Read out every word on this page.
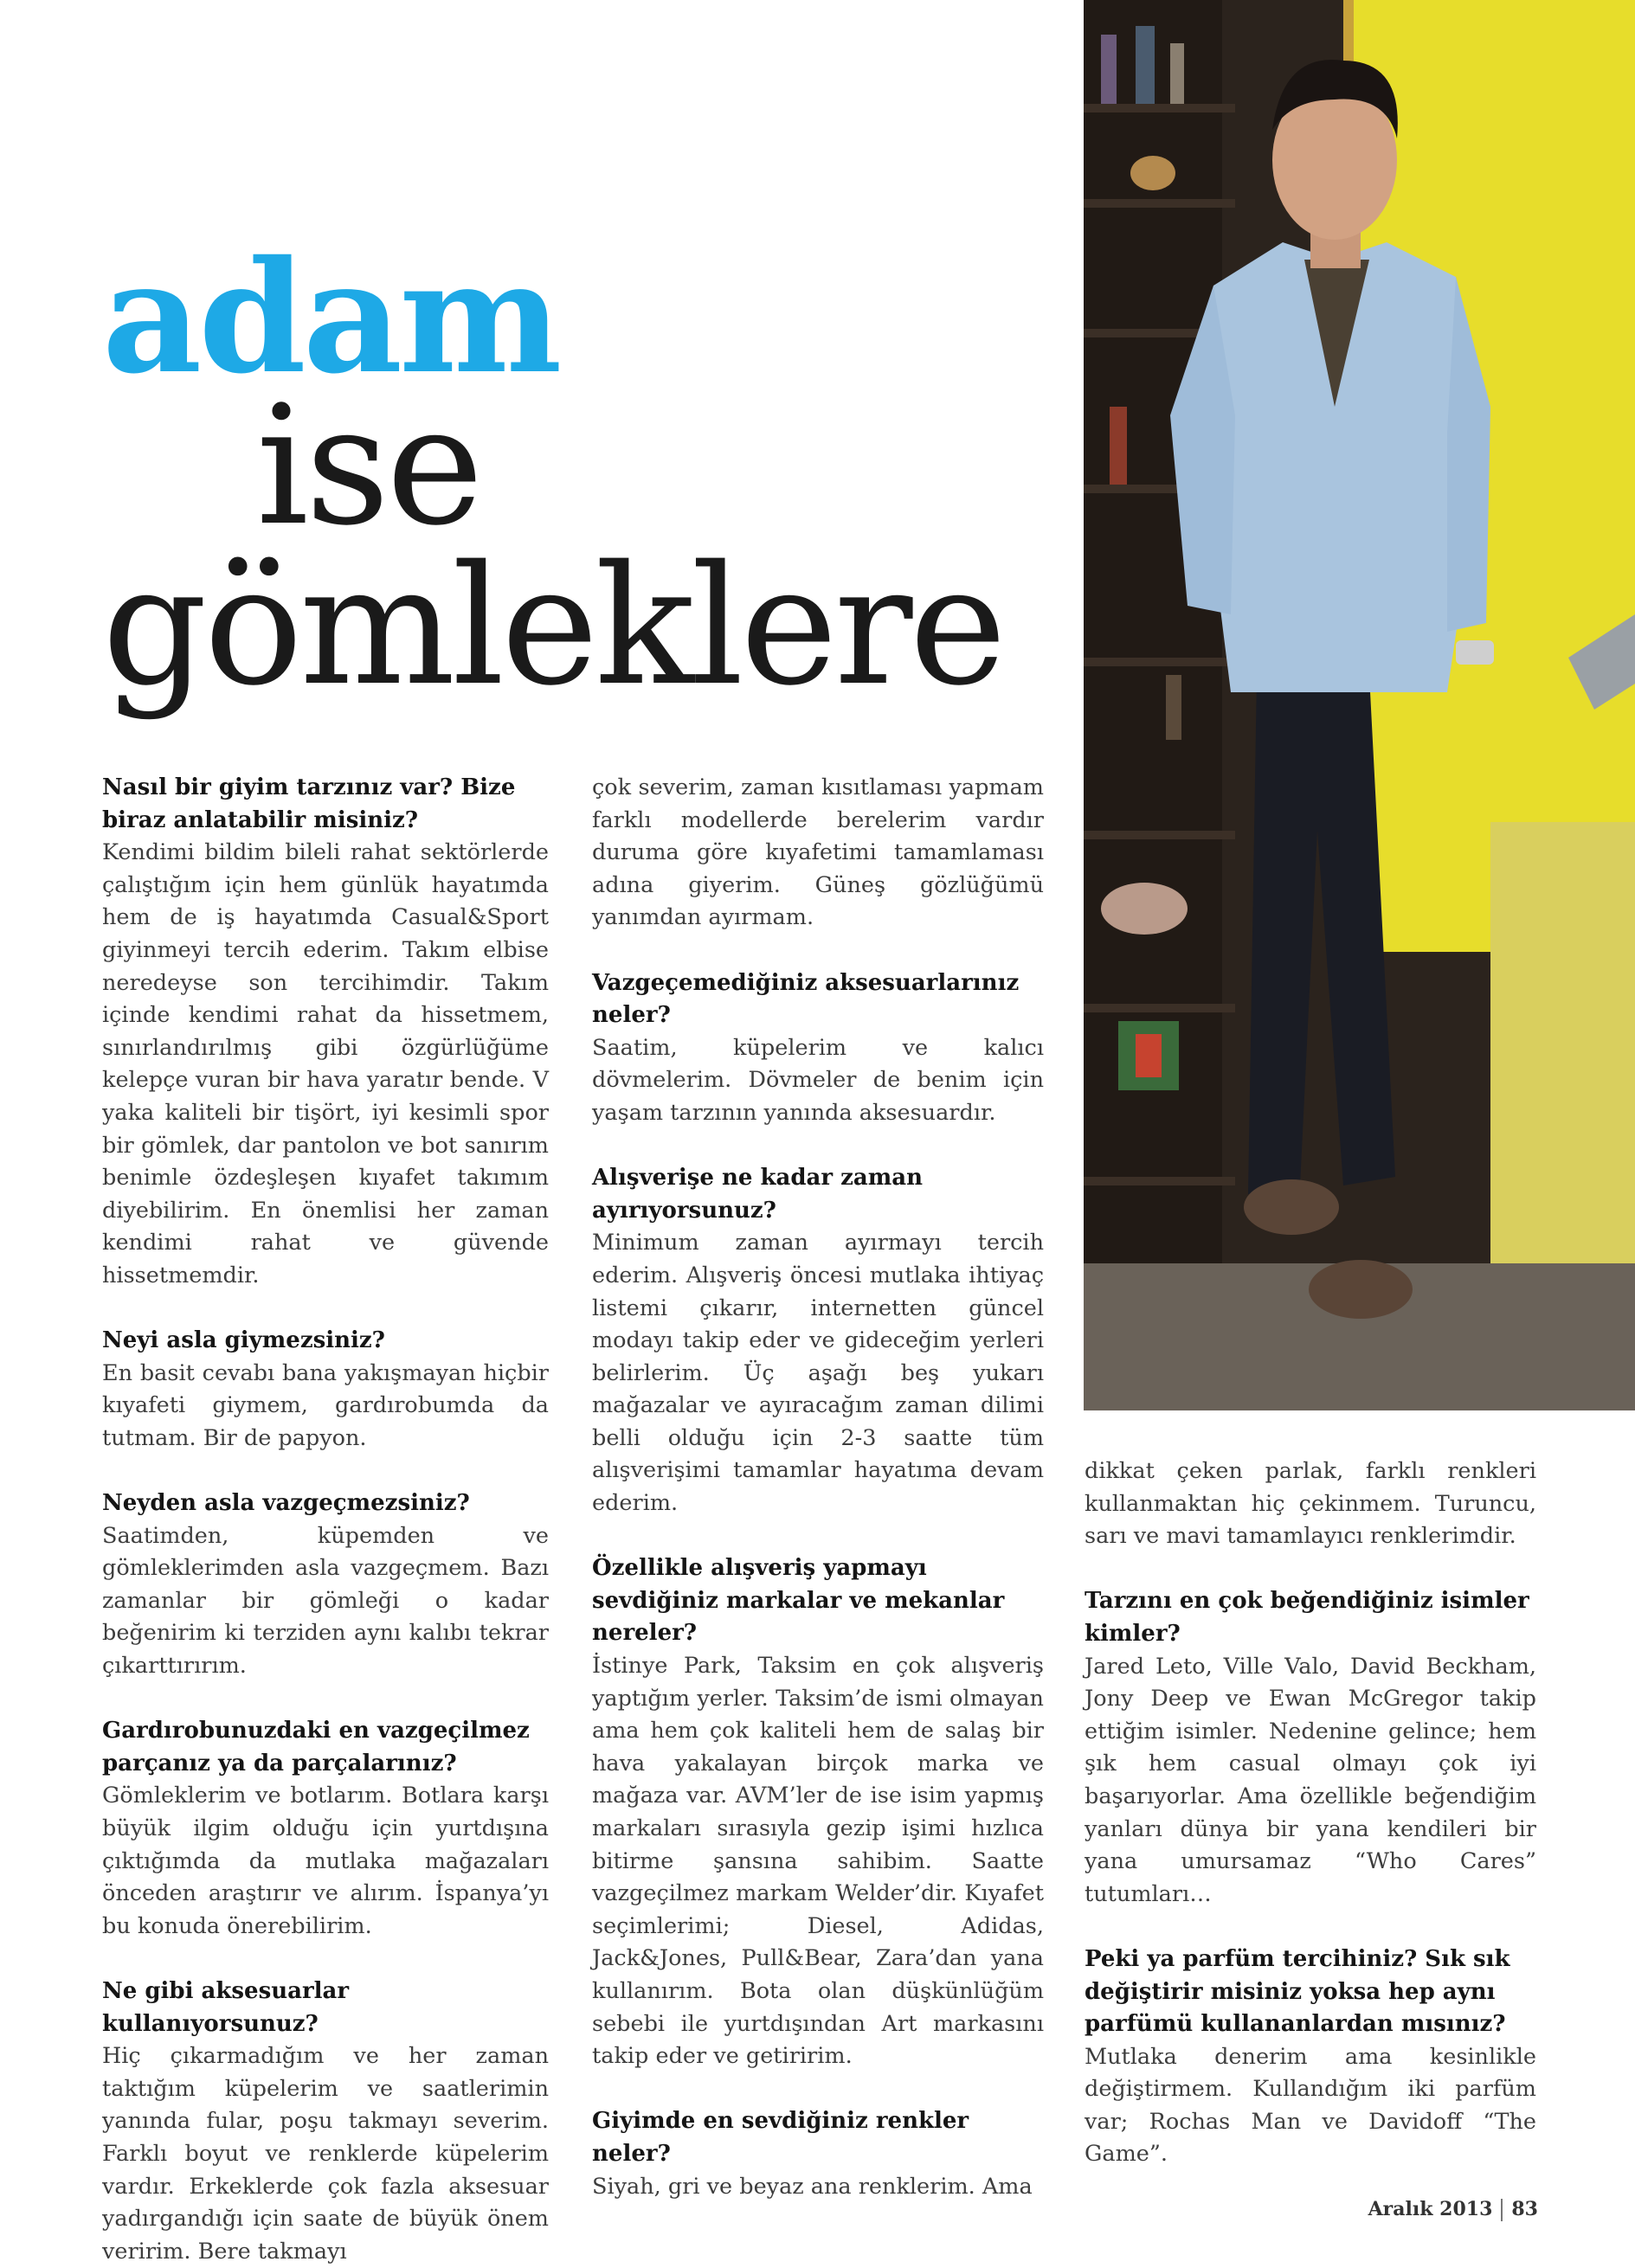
adam
ise
gömleklere
Nasıl bir giyim tarzınız var? Bize biraz anlatabilir misiniz?

Kendimi bildim bileli rahat sektörlerde çalıştığım için hem günlük hayatımda hem de iş hayatımda Casual&Sport giyinmeyi tercih ederim. Takım elbise neredeyse son tercihimdir. Takım içinde kendimi rahat da hissetmem, sınırlandırılmış gibi özgürlüğüme kelepçe vuran bir hava yaratır bende. V yaka kaliteli bir tişört, iyi kesimli spor bir gömlek, dar pantolon ve bot sanırım benimle özdeşleşen kıyafet takımım diyebilirim. En önemlisi her zaman kendimi rahat ve güvende hissetmemdir.

Neyi asla giymezsiniz?

En basit cevabı bana yakışmayan hiçbir kıyafeti giymem, gardırobumda da tutmam. Bir de papyon.

Neyden asla vazgeçmezsiniz?

Saatimden, küpemden ve gömleklerimden asla vazgeçmem. Bazı zamanlar bir gömleği o kadar beğenirim ki terziden aynı kalıbı tekrar çıkarttırırım.

Gardırobunuzdaki en vazgeçilmez parçanız ya da parçalarınız?

Gömleklerim ve botlarım. Botlara karşı büyük ilgim olduğu için yurtdışına çıktığımda da mutlaka mağazaları önceden araştırır ve alırım. İspanya’yı bu konuda önerebilirim.

Ne gibi aksesuarlar kullanıyorsunuz?

Hiç çıkarmadığım ve her zaman taktığım küpelerim ve saatlerimin yanında fular, poşu takmayı severim. Farklı boyut ve renklerde küpelerim vardır. Erkeklerde çok fazla aksesuar yadırgandığı için saate de büyük önem veririm. Bere takmayı

çok severim, zaman kısıtlaması yapmam farklı modellerde berelerim vardır duruma göre kıyafetimi tamamlaması adına giyerim. Güneş gözlüğümü yanımdan ayırmam.

Vazgeçemediğiniz aksesuarlarınız neler?

Saatim, küpelerim ve kalıcı dövmelerim. Dövmeler de benim için yaşam tarzının yanında aksesuardır.

Alışverişe ne kadar zaman ayırıyorsunuz?

Minimum zaman ayırmayı tercih ederim. Alışveriş öncesi mutlaka ihtiyaç listemi çıkarır, internetten güncel modayı takip eder ve gideceğim yerleri belirlerim. Üç aşağı beş yukarı mağazalar ve ayıracağım zaman dilimi belli olduğu için 2-3 saatte tüm alışverişimi tamamlar hayatıma devam ederim.

Özellikle alışveriş yapmayı sevdiğiniz markalar ve mekanlar nereler?

İstinye Park, Taksim en çok alışveriş yaptığım yerler. Taksim’de ismi olmayan ama hem çok kaliteli hem de salaş bir hava yakalayan birçok marka ve mağaza var. AVM’ler de ise isim yapmış markaları sırasıyla gezip işimi hızlıca bitirme şansına sahibim. Saatte vazgeçilmez markam Welder’dir. Kıyafet seçimlerimi; Diesel, Adidas, Jack&Jones, Pull&Bear, Zara’dan yana kullanırım. Bota olan düşkünlüğüm sebebi ile yurtdışından Art markasını takip eder ve getiririm.

Giyimde en sevdiğiniz renkler neler?

Siyah, gri ve beyaz ana renklerim. Ama

dikkat çeken parlak, farklı renkleri kullanmaktan hiç çekinmem. Turuncu, sarı ve mavi tamamlayıcı renklerimdir.

Tarzını en çok beğendiğiniz isimler kimler?

Jared Leto, Ville Valo, David Beckham, Jony Deep ve Ewan McGregor takip ettiğim isimler. Nedenine gelince; hem şık hem casual olmayı çok iyi başarıyorlar. Ama özellikle beğendiğim yanları dünya bir yana kendileri bir yana umursamaz “Who Cares” tutumları…

Peki ya parfüm tercihiniz? Sık sık değiştirir misiniz yoksa hep aynı parfümü kullananlardan mısınız?

Mutlaka denerim ama kesinlikle değiştirmem. Kullandığım iki parfüm var; Rochas Man ve Davidoff “The Game”.

Aralık 2013 83
